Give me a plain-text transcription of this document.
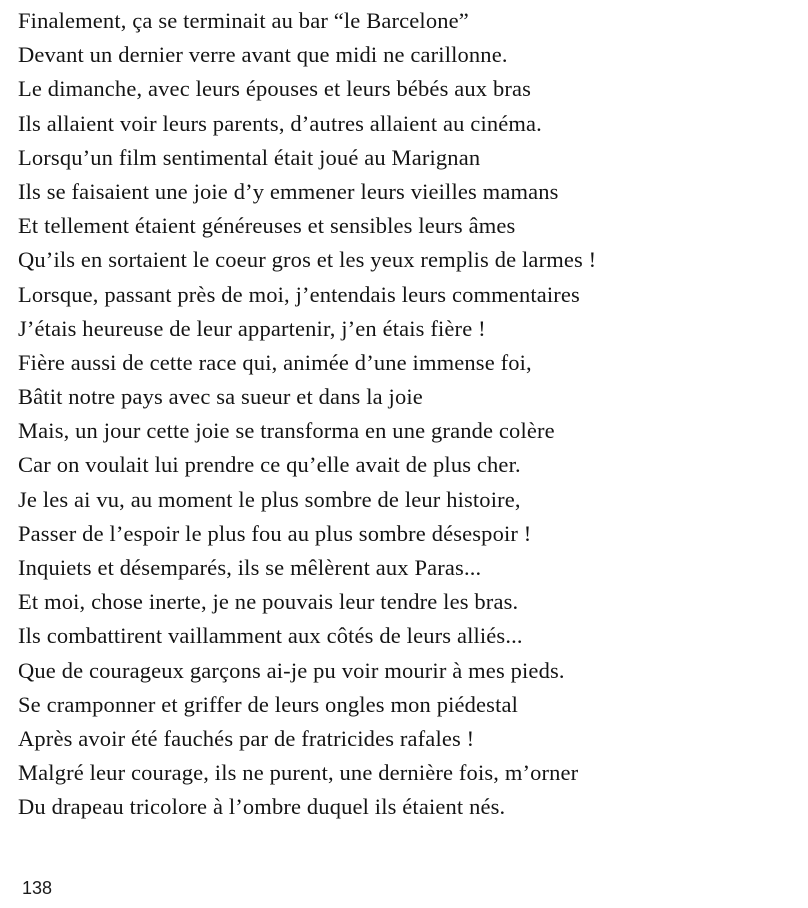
Finalement, ça se terminait au bar “le Barcelone”
Devant un dernier verre avant que midi ne carillonne.
Le dimanche, avec leurs épouses et leurs bébés aux bras
Ils allaient voir leurs parents, d’autres allaient au cinéma.
Lorsqu’un film sentimental était joué au Marignan
Ils se faisaient une joie d’y emmener leurs vieilles mamans
Et tellement étaient généreuses et sensibles leurs âmes
Qu’ils en sortaient le coeur gros et les yeux remplis de larmes !
Lorsque, passant près de moi, j’entendais leurs commentaires
J’étais heureuse de leur appartenir, j’en étais fière !
Fière aussi de cette race qui, animée d’une immense foi,
Bâtit notre pays avec sa sueur et dans la joie
Mais, un jour cette joie se transforma en une grande colère
Car on voulait lui prendre ce qu’elle avait de plus cher.
Je les ai vu, au moment le plus sombre de leur histoire,
Passer de l’espoir le plus fou au plus sombre désespoir !
Inquiets et désemparés, ils se mêlèrent aux Paras...
Et moi, chose inerte, je ne pouvais leur tendre les bras.
Ils combattirent vaillamment aux côtés de leurs alliés...
Que de courageux garçons ai-je pu voir mourir à mes pieds.
Se cramponner et griffer de leurs ongles mon piédestal
Après avoir été fauchés par de fratricides rafales !
Malgré leur courage, ils ne purent, une dernière fois, m’orner
Du drapeau tricolore à l’ombre duquel ils étaient nés.
138
